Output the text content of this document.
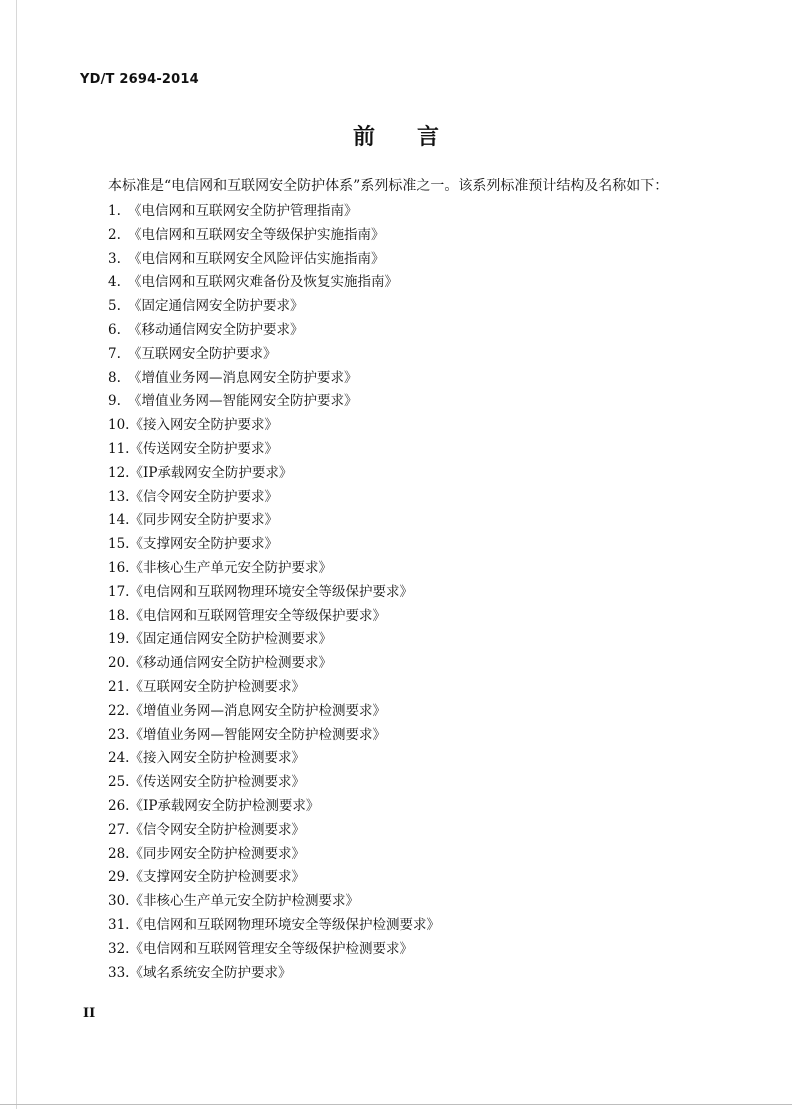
YD/T 2694-2014
前言
本标准是“电信网和互联网安全防护体系”系列标准之一。该系列标准预计结构及名称如下：
1. 《电信网和互联网安全防护管理指南》
2. 《电信网和互联网安全等级保护实施指南》
3. 《电信网和互联网安全风险评估实施指南》
4. 《电信网和互联网灾难备份及恢复实施指南》
5. 《固定通信网安全防护要求》
6. 《移动通信网安全防护要求》
7. 《互联网安全防护要求》
8. 《增值业务网—消息网安全防护要求》
9. 《增值业务网—智能网安全防护要求》
10.《接入网安全防护要求》
11.《传送网安全防护要求》
12.《IP承载网安全防护要求》
13.《信令网安全防护要求》
14.《同步网安全防护要求》
15.《支撑网安全防护要求》
16.《非核心生产单元安全防护要求》
17.《电信网和互联网物理环境安全等级保护要求》
18.《电信网和互联网管理安全等级保护要求》
19.《固定通信网安全防护检测要求》
20.《移动通信网安全防护检测要求》
21.《互联网安全防护检测要求》
22.《增值业务网—消息网安全防护检测要求》
23.《增值业务网—智能网安全防护检测要求》
24.《接入网安全防护检测要求》
25.《传送网安全防护检测要求》
26.《IP承载网安全防护检测要求》
27.《信令网安全防护检测要求》
28.《同步网安全防护检测要求》
29.《支撑网安全防护检测要求》
30.《非核心生产单元安全防护检测要求》
31.《电信网和互联网物理环境安全等级保护检测要求》
32.《电信网和互联网管理安全等级保护检测要求》
33.《域名系统安全防护要求》
II
